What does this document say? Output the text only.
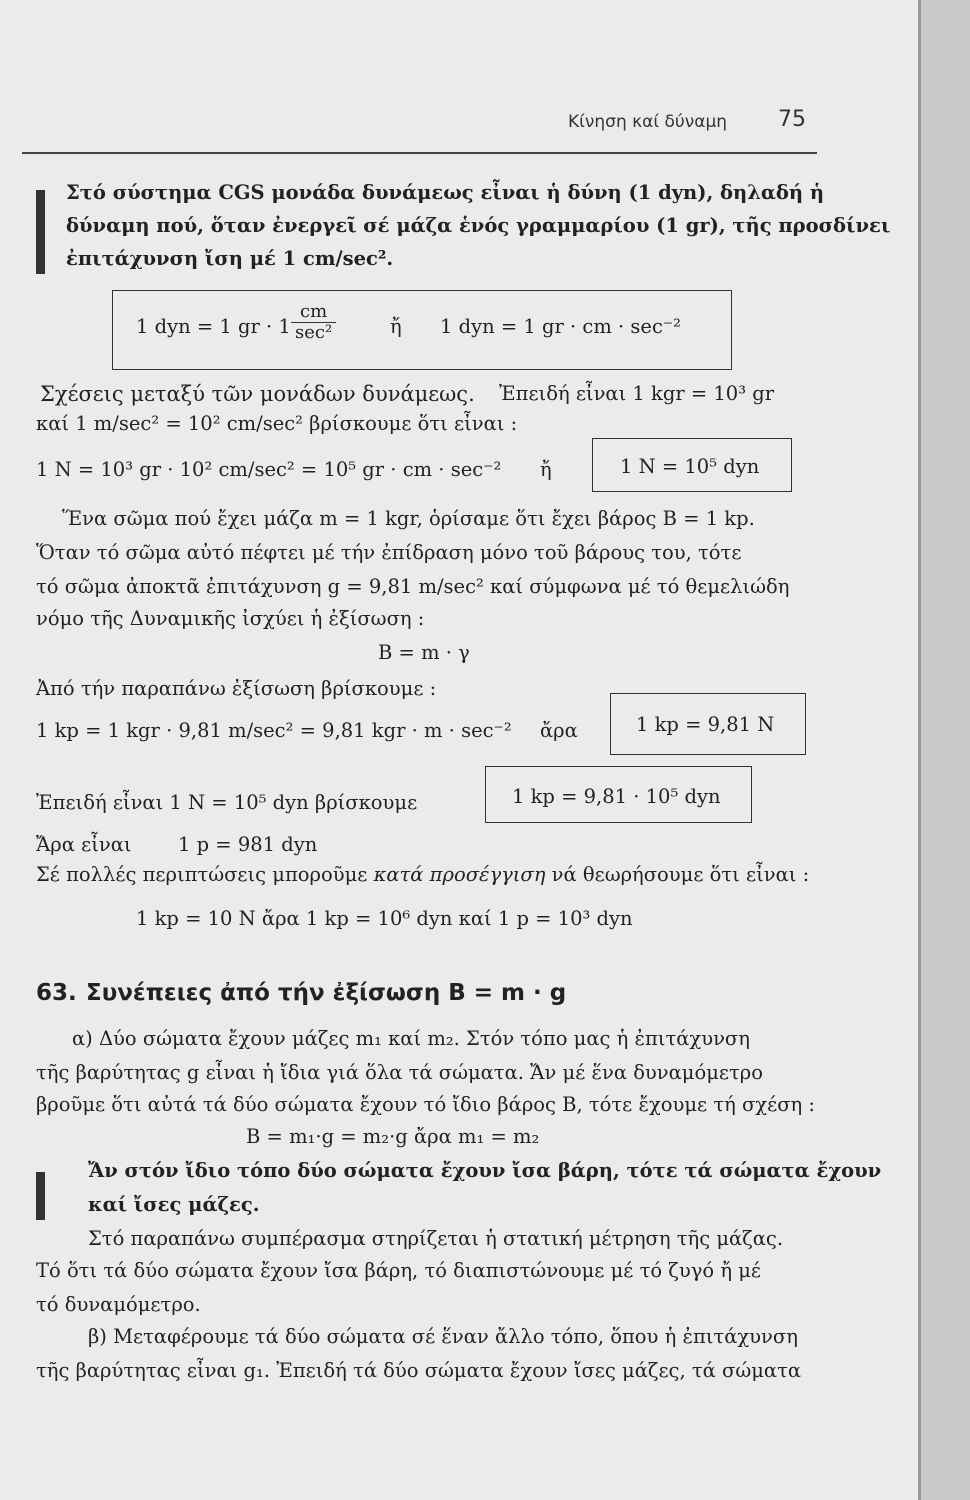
Κίνηση καί δύναμη 75
Στό σύστημα CGS μονάδα δυνάμεως εἶναι ἡ δύνη (1 dyn), δηλαδή ἡ
δύναμη πού, ὅταν ἐνεργεῖ σέ μάζα ἑνός γραμμαρίου (1 gr), τῆς προσδίνει
ἐπιτάχυνση ἴση μέ 1 cm/sec².
1 dyn = 1 gr · 1
cm
sec²	ἤ 1 dyn = 1 gr · cm · sec⁻²
Σχέσεις μεταξύ τῶν μονάδων δυνάμεως. Ἐπειδή εἶναι 1 kgr = 10³ gr
καί 1 m/sec² = 10² cm/sec² βρίσκουμε ὅτι εἶναι :
1 N = 10³ gr · 10² cm/sec² = 10⁵ gr · cm · sec⁻² ἤ	1 N = 10⁵ dyn
Ἕνα σῶμα πού ἔχει μάζα m = 1 kgr, ὁρίσαμε ὅτι ἔχει βάρος B = 1 kp.
Ὅταν τό σῶμα αὐτό πέφτει μέ τήν ἐπίδραση μόνο τοῦ βάρους του, τότε
τό σῶμα ἀποκτᾶ ἐπιτάχυνση g = 9,81 m/sec² καί σύμφωνα μέ τό θεμελιώδη
νόμο τῆς Δυναμικῆς ἰσχύει ἡ ἐξίσωση :
B = m · γ
Ἀπό τήν παραπάνω ἐξίσωση βρίσκουμε :
1 kp = 1 kgr · 9,81 m/sec² = 9,81 kgr · m · sec⁻² ἄρα	1 kp = 9,81 N
Ἐπειδή εἶναι 1 N = 10⁵ dyn βρίσκουμε	1 kp = 9,81 · 10⁵ dyn
Ἄρα εἶναι 1 p = 981 dyn
Σέ πολλές περιπτώσεις μποροῦμε κατά προσέγγιση νά θεωρήσουμε ὅτι εἶναι :
1 kp = 10 N ἄρα 1 kp = 10⁶ dyn καί 1 p = 10³ dyn
63. Συνέπειες ἀπό τήν ἐξίσωση B = m · g
α) Δύο σώματα ἔχουν μάζες m₁ καί m₂. Στόν τόπο μας ἡ ἐπιτάχυνση
τῆς βαρύτητας g εἶναι ἡ ἴδια γιά ὅλα τά σώματα. Ἄν μέ ἕνα δυναμόμετρο
βροῦμε ὅτι αὐτά τά δύο σώματα ἔχουν τό ἴδιο βάρος B, τότε ἔχουμε τή σχέση :
B = m₁·g = m₂·g ἄρα m₁ = m₂
Ἄν στόν ἴδιο τόπο δύο σώματα ἔχουν ἴσα βάρη, τότε τά σώματα ἔχουν
καί ἴσες μάζες.
Στό παραπάνω συμπέρασμα στηρίζεται ἡ στατική μέτρηση τῆς μάζας.
Τό ὅτι τά δύο σώματα ἔχουν ἴσα βάρη, τό διαπιστώνουμε μέ τό ζυγό ἤ μέ
τό δυναμόμετρο.
β) Μεταφέρουμε τά δύο σώματα σέ ἕναν ἄλλο τόπο, ὅπου ἡ ἐπιτάχυνση
τῆς βαρύτητας εἶναι g₁. Ἐπειδή τά δύο σώματα ἔχουν ἴσες μάζες, τά σώματα
